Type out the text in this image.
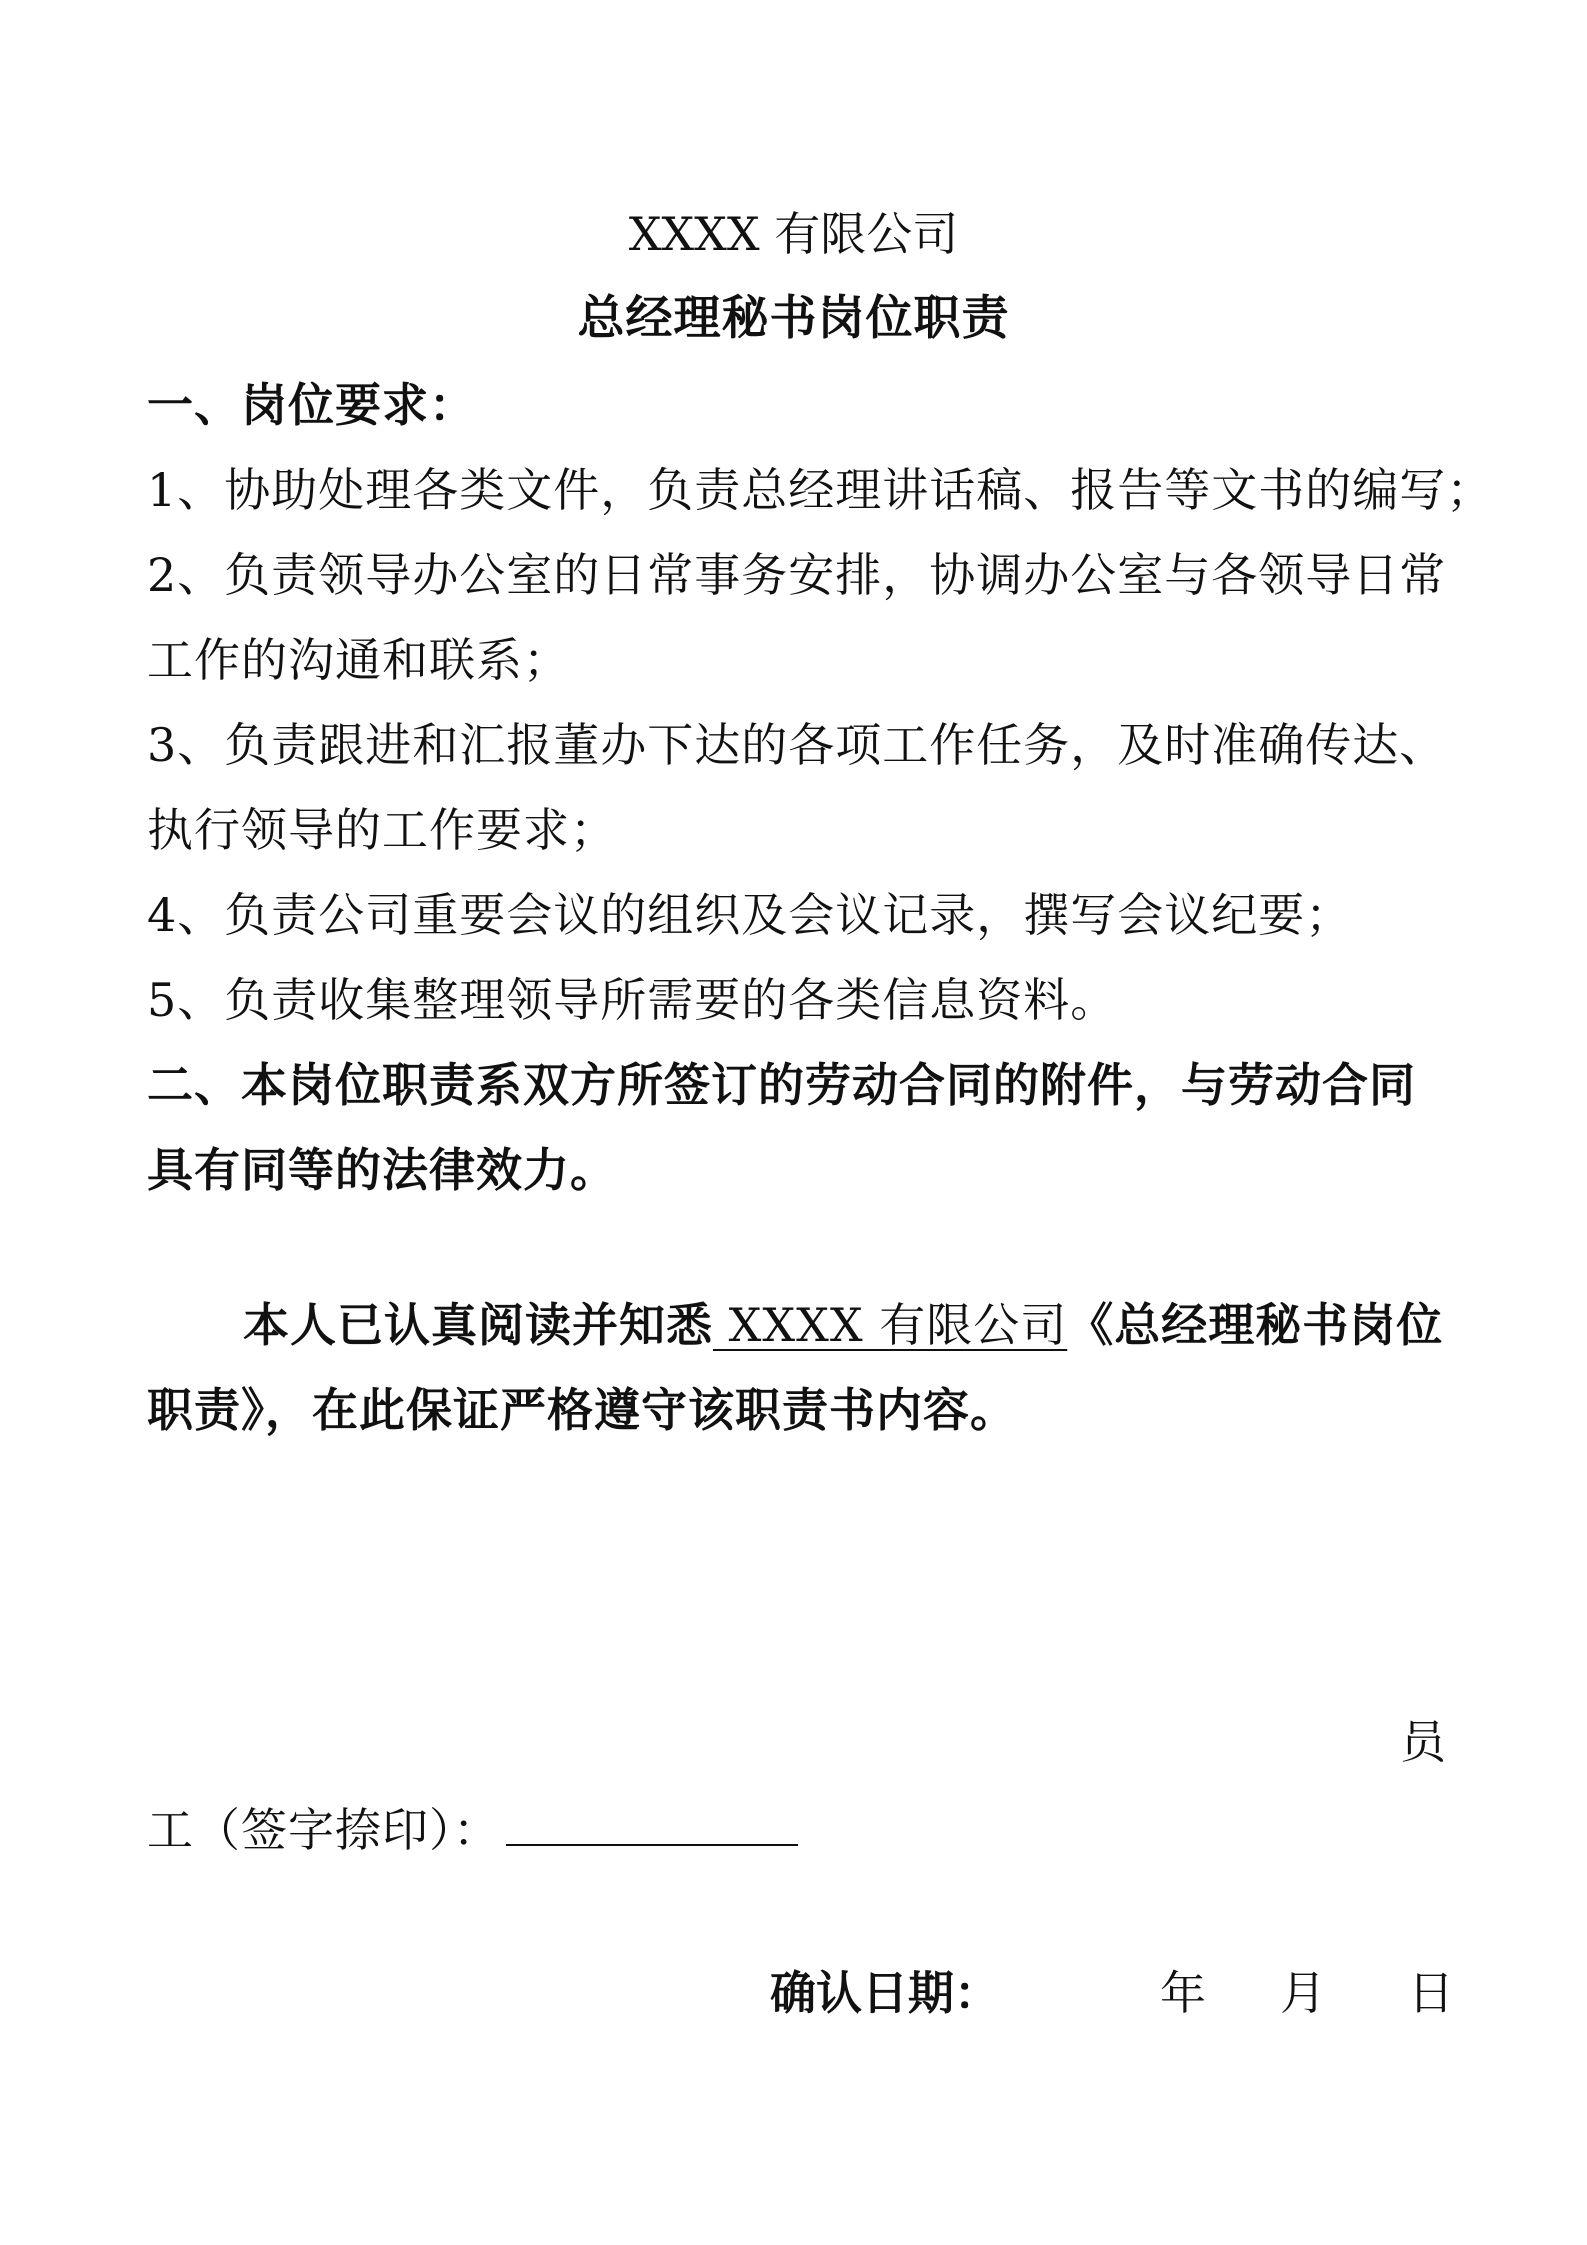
XXXX 有限公司
总经理秘书岗位职责
一、岗位要求：
1、协助处理各类文件，负责总经理讲话稿、报告等文书的编写；
2、负责领导办公室的日常事务安排，协调办公室与各领导日常
工作的沟通和联系；
3、负责跟进和汇报董办下达的各项工作任务，及时准确传达、
执行领导的工作要求；
4、负责公司重要会议的组织及会议记录，撰写会议纪要；
5、负责收集整理领导所需要的各类信息资料。
二、本岗位职责系双方所签订的劳动合同的附件，与劳动合同
具有同等的法律效力。
本人已认真阅读并知悉 XXXX 有限公司《总经理秘书岗位
职责》，在此保证严格遵守该职责书内容。
员
工（签字捺印）：
确认日期：	年 月 日
